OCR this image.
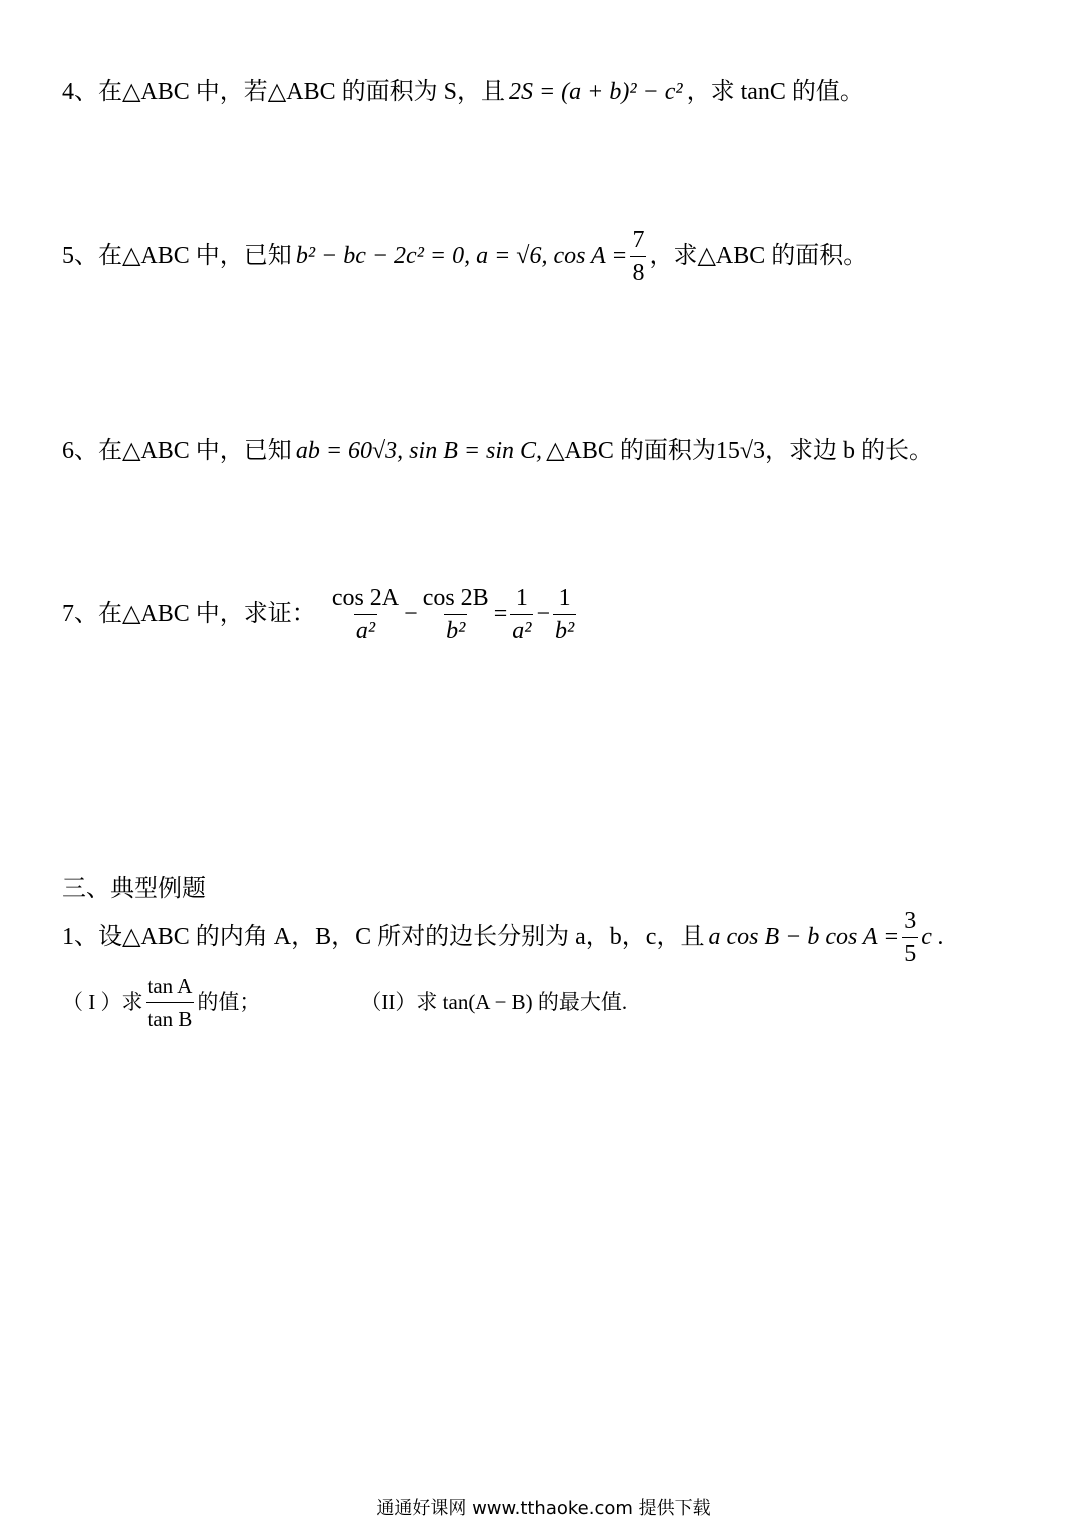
4、在△ABC 中，若△ABC 的面积为 S，且 2S = (a + b)² − c² ，求 tanC 的值。
5、在△ABC 中，已知 b² − bc − 2c² = 0, a = √6, $\cos A = \frac{7}{8}$ ，求△ABC 的面积。
6、在△ABC 中，已知 ab = 60√3, sin B = sin C, △ABC 的面积为 15√3 ，求边 b 的长。
7、在△ABC 中，求证： $\frac{\cos 2A}{\text{a²}} - \frac{\cos 2B}{\text{b²}} = \frac{1}{\text{a²}} - \frac{1}{\text{b²}}$
三、典型例题
1、设△ABC 的内角 A，B，C 所对的边长分别为 a，b，c，且 a cos B − b $\cos A = \frac{3}{5}$ c .
（ I ）求 $\frac{\text{tan A}}{\text{tan B}}$ 的值；	（II）求 tan(A − B) 的最大值.
通通好课网 www.tthaoke.com 提供下载
